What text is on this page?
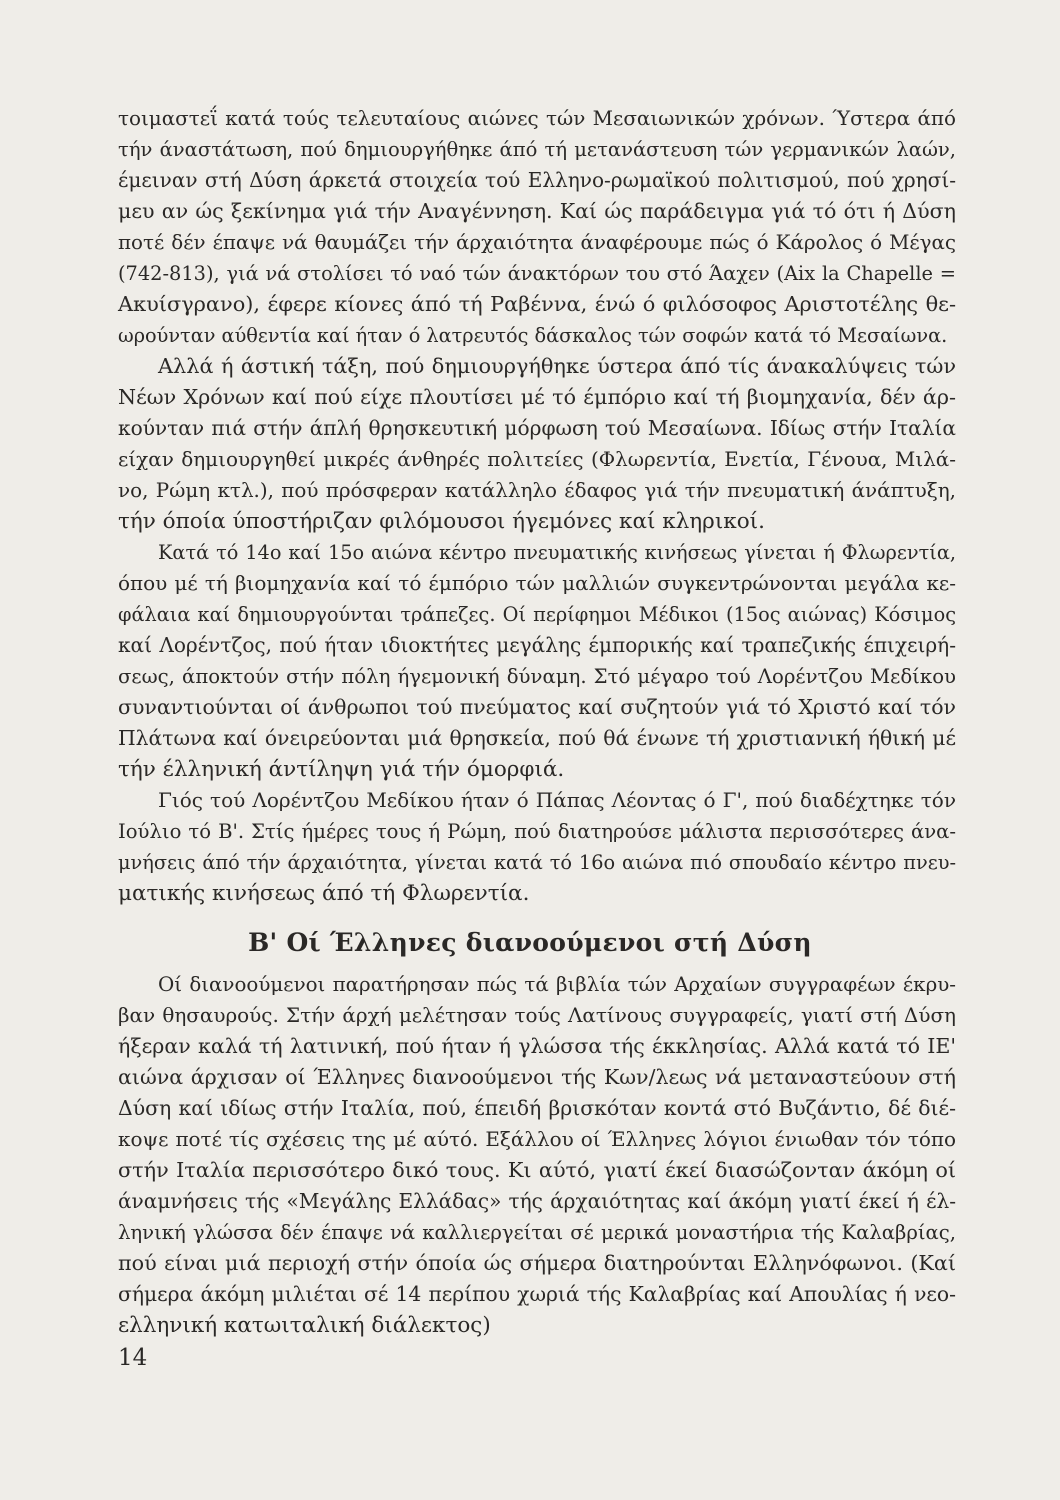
τοιμαστεΐ κατά τούς τελευταίους αιώνες τών Μεσαιωνικών χρόνων. Ύστερα άπό
τήν άναστάτωση, πού δημιουργήθηκε άπό τή μετανάστευση τών γερμανικών λαών,
έμειναν στή Δύση άρκετά στοιχεία τού Ελληνο-ρωμαϊκού πολιτισμού, πού χρησί-
μευ αν ώς ξεκίνημα γιά τήν Αναγέννηση. Καί ώς παράδειγμα γιά τό ότι ή Δύση
ποτέ δέν έπαψε νά θαυμάζει τήν άρχαιότητα άναφέρουμε πώς ό Κάρολος ό Μέγας
(742-813), γιά νά στολίσει τό ναό τών άνακτόρων του στό Άαχεν (Aix la Chapelle =
Ακυίσγρανο), έφερε κίονες άπό τή Ραβέννα, ένώ ό φιλόσοφος Αριστοτέλης θε-
ωρούνταν αύθεντία καί ήταν ό λατρευτός δάσκαλος τών σοφών κατά τό Μεσαίωνα.
Αλλά ή άστική τάξη, πού δημιουργήθηκε ύστερα άπό τίς άνακαλύψεις τών
Νέων Χρόνων καί πού είχε πλουτίσει μέ τό έμπόριο καί τή βιομηχανία, δέν άρ-
κούνταν πιά στήν άπλή θρησκευτική μόρφωση τού Μεσαίωνα. Ιδίως στήν Ιταλία
είχαν δημιουργηθεί μικρές άνθηρές πολιτείες (Φλωρεντία, Ενετία, Γένουα, Μιλά-
νο, Ρώμη κτλ.), πού πρόσφεραν κατάλληλο έδαφος γιά τήν πνευματική άνάπτυξη,
τήν όποία ύποστήριζαν φιλόμουσοι ήγεμόνες καί κληρικοί.
Κατά τό 14ο καί 15ο αιώνα κέντρο πνευματικής κινήσεως γίνεται ή Φλωρεντία,
όπου μέ τή βιομηχανία καί τό έμπόριο τών μαλλιών συγκεντρώνονται μεγάλα κε-
φάλαια καί δημιουργούνται τράπεζες. Οί περίφημοι Μέδικοι (15ος αιώνας) Κόσιμος
καί Λορέντζος, πού ήταν ιδιοκτήτες μεγάλης έμπορικής καί τραπεζικής έπιχειρή-
σεως, άποκτούν στήν πόλη ήγεμονική δύναμη. Στό μέγαρο τού Λορέντζου Μεδίκου
συναντιούνται οί άνθρωποι τού πνεύματος καί συζητούν γιά τό Χριστό καί τόν
Πλάτωνα καί όνειρεύονται μιά θρησκεία, πού θά ένωνε τή χριστιανική ήθική μέ
τήν έλληνική άντίληψη γιά τήν όμορφιά.
Γιός τού Λορέντζου Μεδίκου ήταν ό Πάπας Λέοντας ό Γ', πού διαδέχτηκε τόν
Ιούλιο τό Β'. Στίς ήμέρες τους ή Ρώμη, πού διατηρούσε μάλιστα περισσότερες άνα-
μνήσεις άπό τήν άρχαιότητα, γίνεται κατά τό 16ο αιώνα πιό σπουδαίο κέντρο πνευ-
ματικής κινήσεως άπό τή Φλωρεντία.
Β' Οί Έλληνες διανοούμενοι στή Δύση
Οί διανοούμενοι παρατήρησαν πώς τά βιβλία τών Αρχαίων συγγραφέων έκρυ-
βαν θησαυρούς. Στήν άρχή μελέτησαν τούς Λατίνους συγγραφείς, γιατί στή Δύση
ήξεραν καλά τή λατινική, πού ήταν ή γλώσσα τής έκκλησίας. Αλλά κατά τό ΙΕ'
αιώνα άρχισαν οί Έλληνες διανοούμενοι τής Κων/λεως νά μεταναστεύουν στή
Δύση καί ιδίως στήν Ιταλία, πού, έπειδή βρισκόταν κοντά στό Βυζάντιο, δέ διέ-
κοψε ποτέ τίς σχέσεις της μέ αύτό. Εξάλλου οί Έλληνες λόγιοι ένιωθαν τόν τόπο
στήν Ιταλία περισσότερο δικό τους. Κι αύτό, γιατί έκεί διασώζονταν άκόμη οί
άναμνήσεις τής «Μεγάλης Ελλάδας» τής άρχαιότητας καί άκόμη γιατί έκεί ή έλ-
ληνική γλώσσα δέν έπαψε νά καλλιεργείται σέ μερικά μοναστήρια τής Καλαβρίας,
πού είναι μιά περιοχή στήν όποία ώς σήμερα διατηρούνται Ελληνόφωνοι. (Καί
σήμερα άκόμη μιλιέται σέ 14 περίπου χωριά τής Καλαβρίας καί Απουλίας ή νεο-
ελληνική κατωιταλική διάλεκτος)
14
